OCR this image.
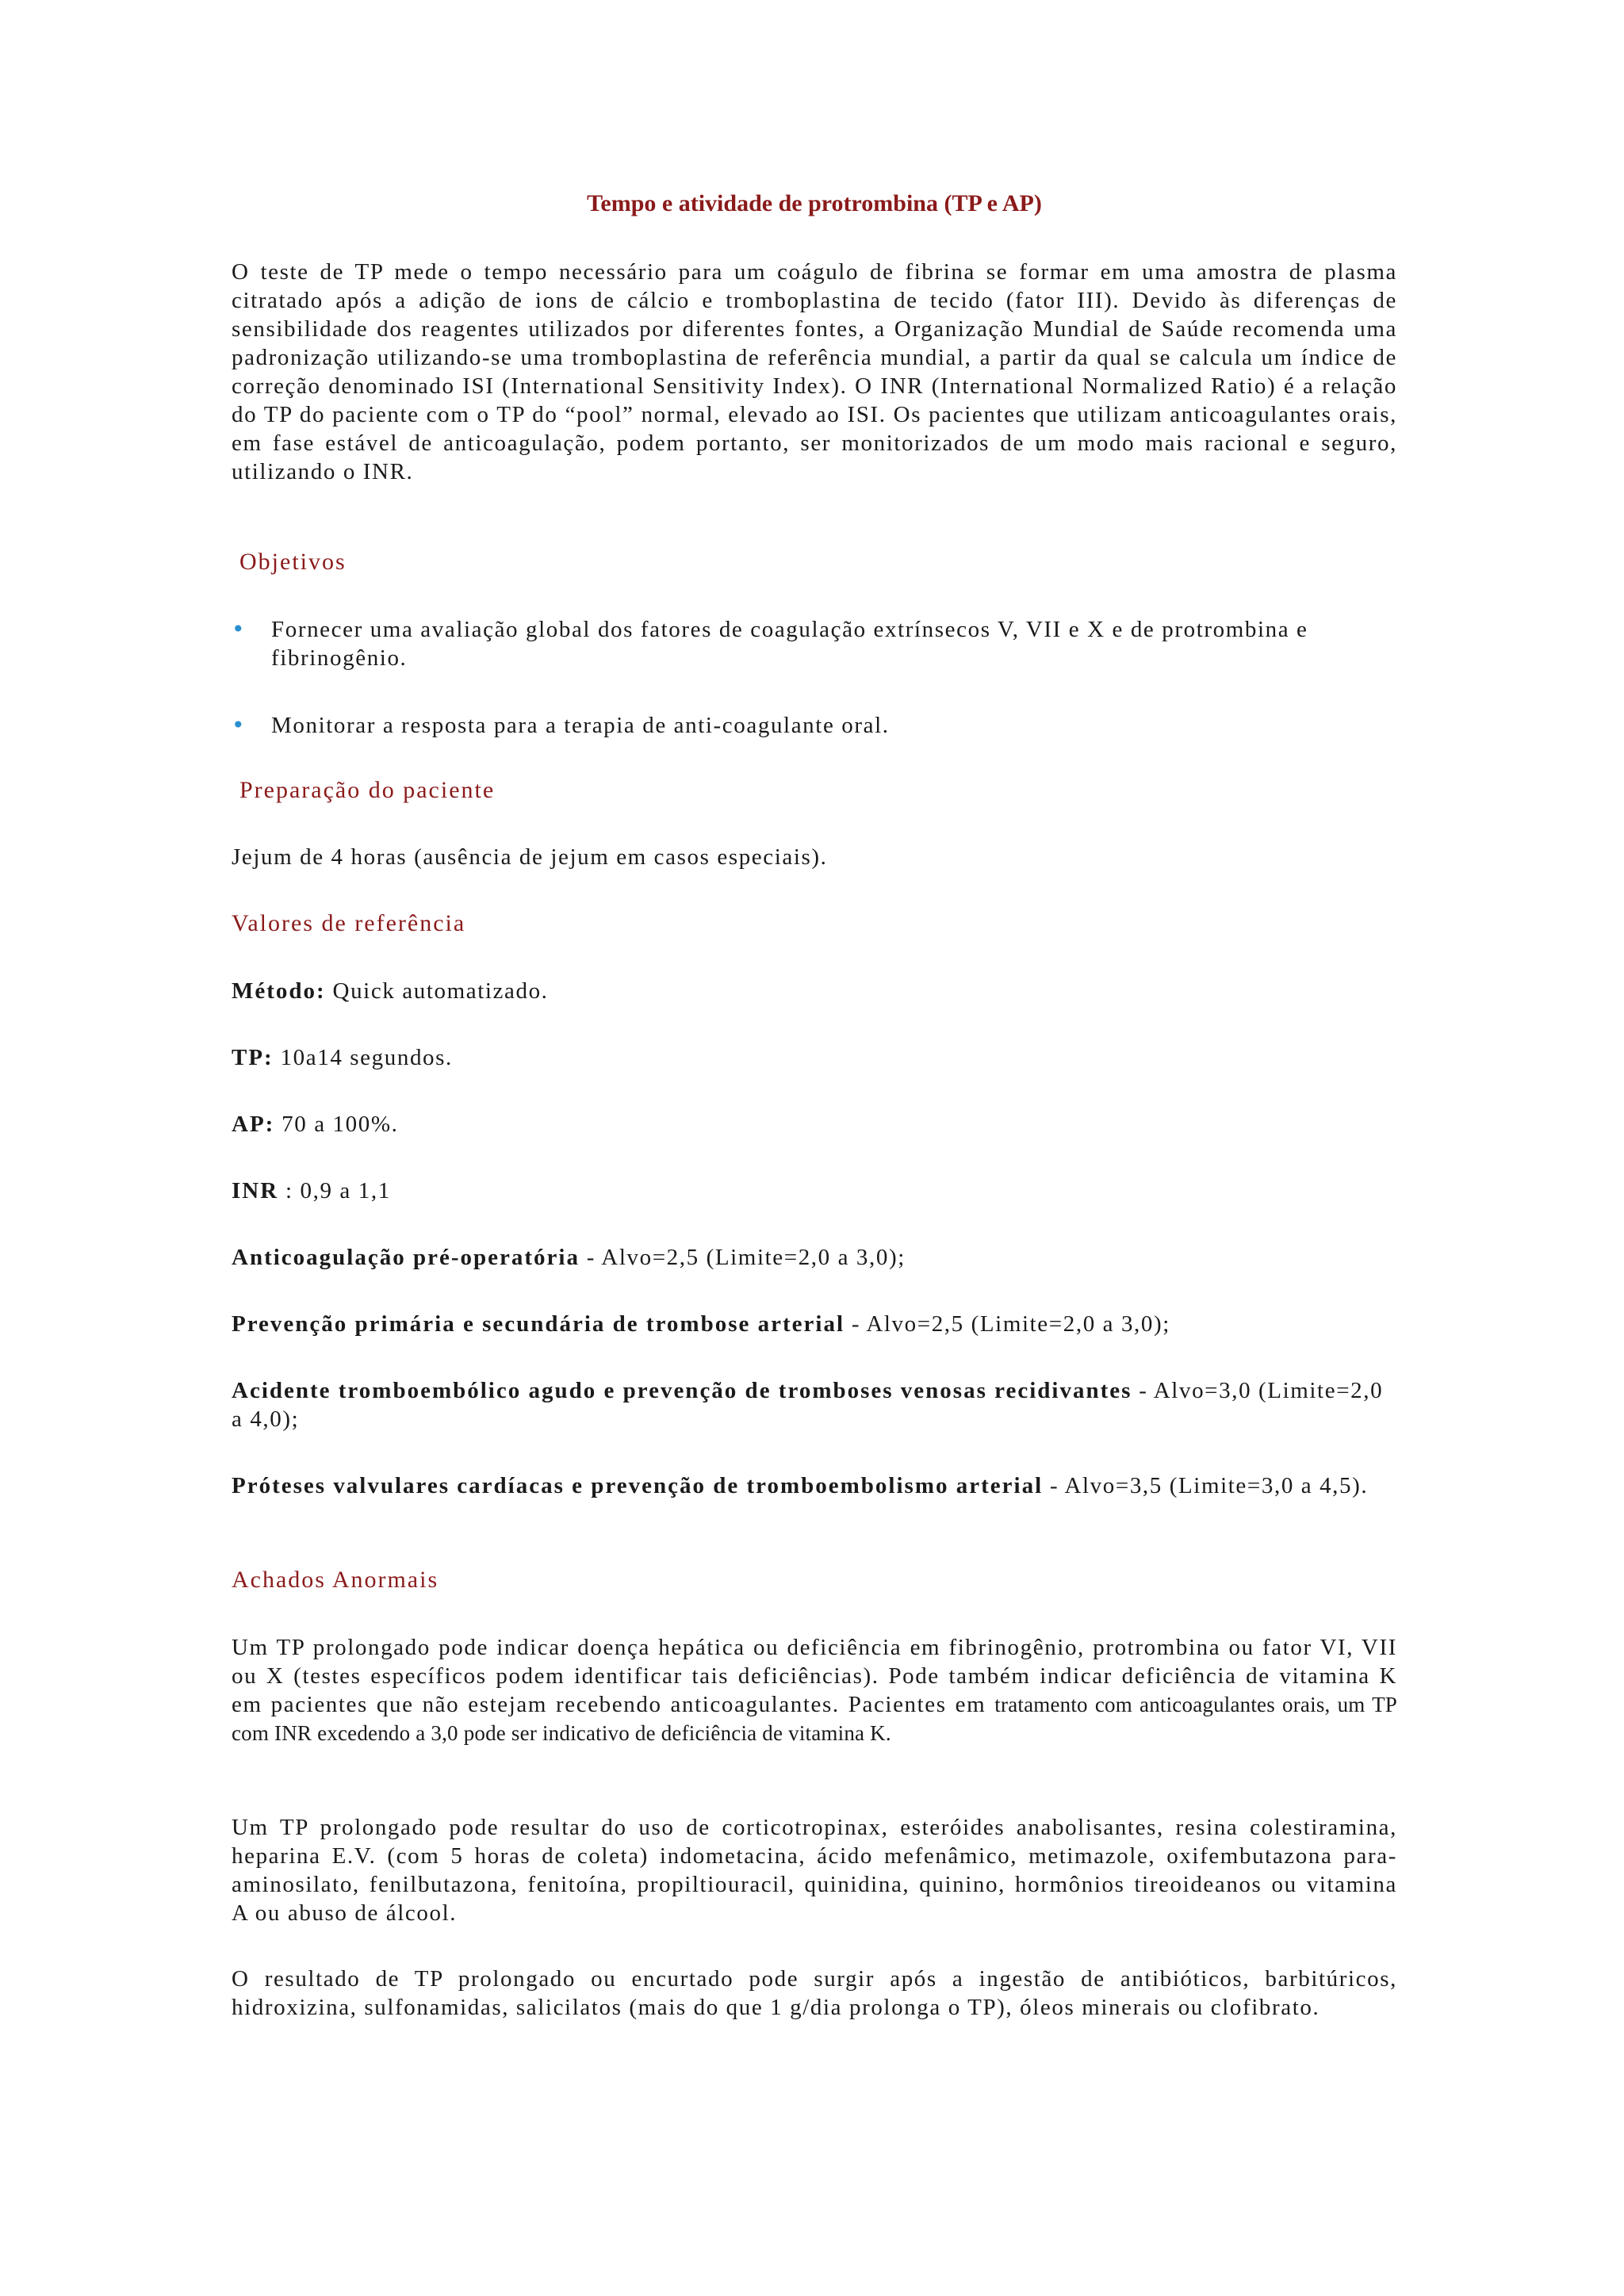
Tempo e atividade de protrombina (TP e AP)

O teste de TP mede o tempo necessário para um coágulo de fibrina se formar em uma amostra de plasma citratado após a adição de ions de cálcio e tromboplastina de tecido (fator III). Devido às diferenças de sensibilidade dos reagentes utilizados por diferentes fontes, a Organização Mundial de Saúde recomenda uma padronização utilizando-se uma tromboplastina de referência mundial, a partir da qual se calcula um índice de correção denominado ISI (International Sensitivity Index). O INR (International Normalized Ratio) é a relação do TP do paciente com o TP do “pool” normal, elevado ao ISI. Os pacientes que utilizam anticoagulantes orais, em fase estável de anticoagulação, podem portanto, ser monitorizados de um modo mais racional e seguro, utilizando o INR.

Objetivos

• Fornecer uma avaliação global dos fatores de coagulação extrínsecos V, VII e X e de protrombina e fibrinogênio.

• Monitorar a resposta para a terapia de anti-coagulante oral.

Preparação do paciente

Jejum de 4 horas (ausência de jejum em casos especiais).

Valores de referência

Método: Quick automatizado.

TP: 10a14 segundos.

AP: 70 a 100%.

INR : 0,9 a 1,1

Anticoagulação pré-operatória - Alvo=2,5 (Limite=2,0 a 3,0);

Prevenção primária e secundária de trombose arterial - Alvo=2,5 (Limite=2,0 a 3,0);

Acidente tromboembólico agudo e prevenção de tromboses venosas recidivantes - Alvo=3,0 (Limite=2,0 a 4,0);

Próteses valvulares cardíacas e prevenção de tromboembolismo arterial - Alvo=3,5 (Limite=3,0 a 4,5).

Achados Anormais

Um TP prolongado pode indicar doença hepática ou deficiência em fibrinogênio, protrombina ou fator VI, VII ou X (testes específicos podem identificar tais deficiências). Pode também indicar deficiência de vitamina K em pacientes que não estejam recebendo anticoagulantes. Pacientes em tratamento com anticoagulantes orais, um TP com INR excedendo a 3,0 pode ser indicativo de deficiência de vitamina K.

Um TP prolongado pode resultar do uso de corticotropinax, esteróides anabolisantes, resina colestiramina, heparina E.V. (com 5 horas de coleta) indometacina, ácido mefenâmico, metimazole, oxifembutazona para-aminosilato, fenilbutazona, fenitoína, propiltiouracil, quinidina, quinino, hormônios tireoideanos ou vitamina A ou abuso de álcool.

O resultado de TP prolongado ou encurtado pode surgir após a ingestão de antibióticos, barbitúricos, hidroxizina, sulfonamidas, salicilatos (mais do que 1 g/dia prolonga o TP), óleos minerais ou clofibrato.
